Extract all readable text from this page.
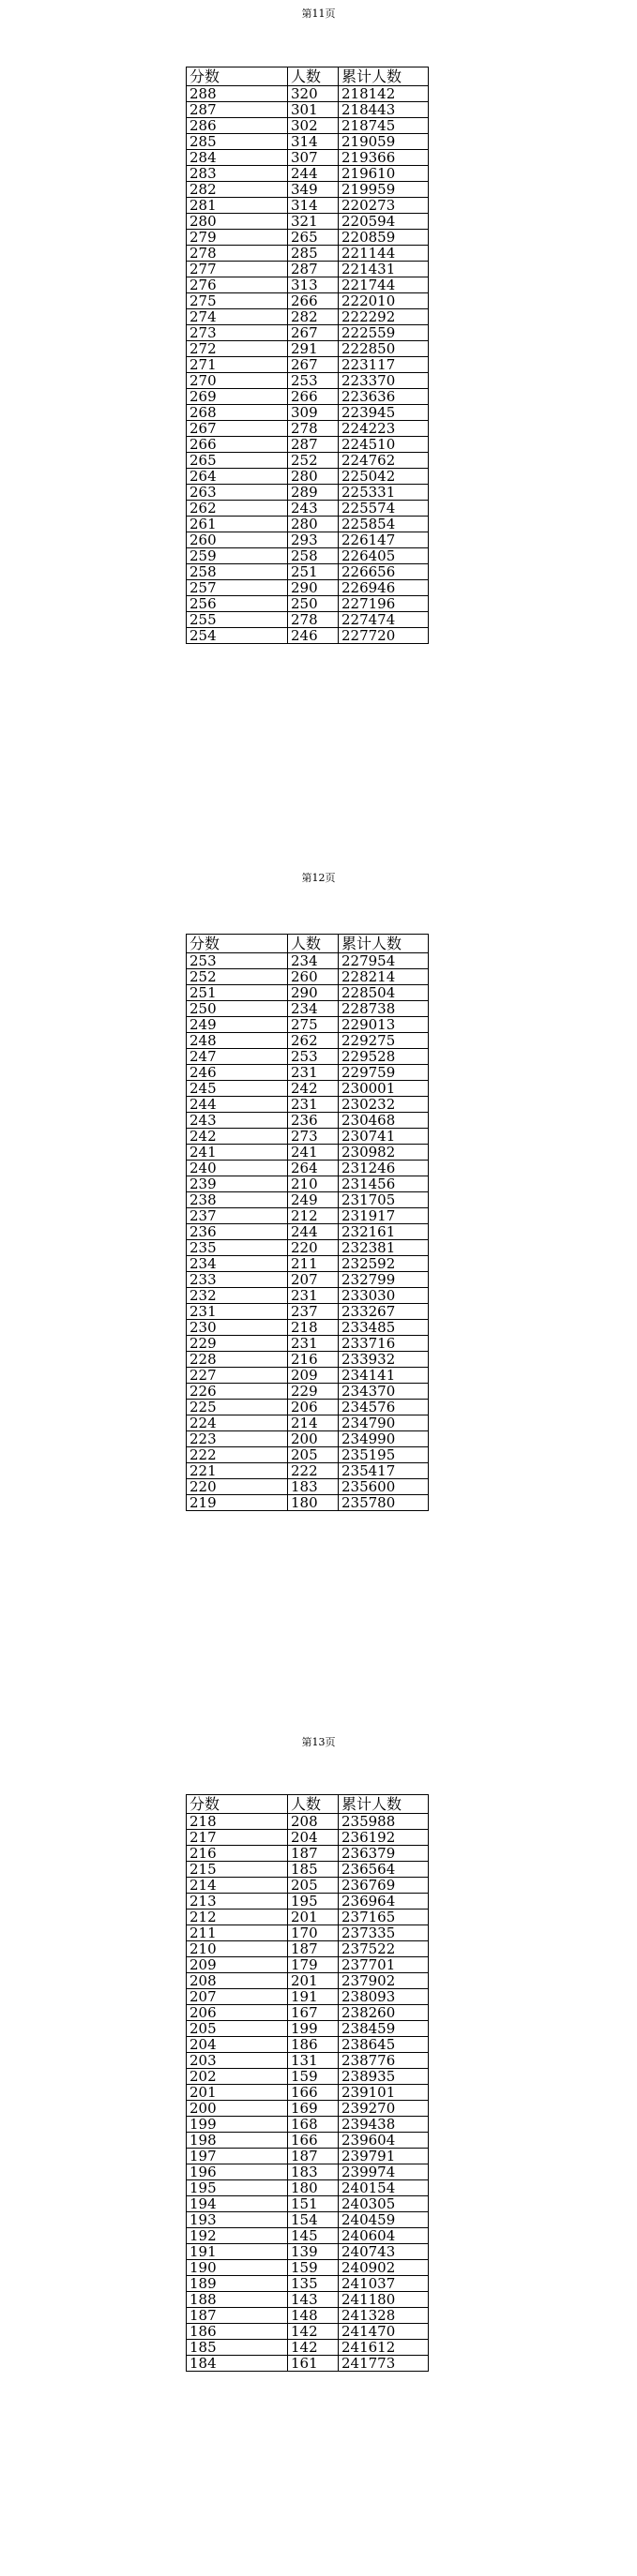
第11页
分数	人数	累计人数
288	320	218142
287	301	218443
286	302	218745
285	314	219059
284	307	219366
283	244	219610
282	349	219959
281	314	220273
280	321	220594
279	265	220859
278	285	221144
277	287	221431
276	313	221744
275	266	222010
274	282	222292
273	267	222559
272	291	222850
271	267	223117
270	253	223370
269	266	223636
268	309	223945
267	278	224223
266	287	224510
265	252	224762
264	280	225042
263	289	225331
262	243	225574
261	280	225854
260	293	226147
259	258	226405
258	251	226656
257	290	226946
256	250	227196
255	278	227474
254	246	227720
第12页
分数	人数	累计人数
253	234	227954
252	260	228214
251	290	228504
250	234	228738
249	275	229013
248	262	229275
247	253	229528
246	231	229759
245	242	230001
244	231	230232
243	236	230468
242	273	230741
241	241	230982
240	264	231246
239	210	231456
238	249	231705
237	212	231917
236	244	232161
235	220	232381
234	211	232592
233	207	232799
232	231	233030
231	237	233267
230	218	233485
229	231	233716
228	216	233932
227	209	234141
226	229	234370
225	206	234576
224	214	234790
223	200	234990
222	205	235195
221	222	235417
220	183	235600
219	180	235780
第13页
分数	人数	累计人数
218	208	235988
217	204	236192
216	187	236379
215	185	236564
214	205	236769
213	195	236964
212	201	237165
211	170	237335
210	187	237522
209	179	237701
208	201	237902
207	191	238093
206	167	238260
205	199	238459
204	186	238645
203	131	238776
202	159	238935
201	166	239101
200	169	239270
199	168	239438
198	166	239604
197	187	239791
196	183	239974
195	180	240154
194	151	240305
193	154	240459
192	145	240604
191	139	240743
190	159	240902
189	135	241037
188	143	241180
187	148	241328
186	142	241470
185	142	241612
184	161	241773
